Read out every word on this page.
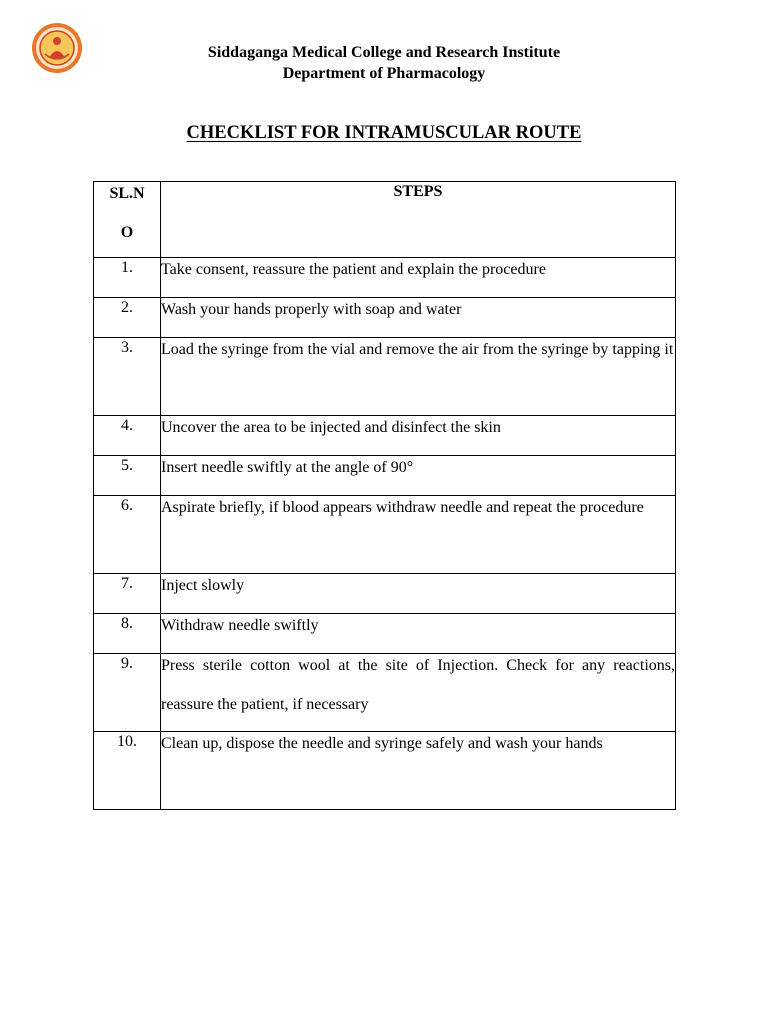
Siddaganga Medical College and Research Institute
Department of Pharmacology
CHECKLIST FOR INTRAMUSCULAR ROUTE
SL.N
O	STEPS
1.	Take consent, reassure the patient and explain the procedure

2.	Wash your hands properly with soap and water

3.	Load the syringe from the vial and remove the air from the syringe by tapping it

4.	Uncover the area to be injected and disinfect the skin

5.	Insert needle swiftly at the angle of 90°

6.	Aspirate briefly, if blood appears withdraw needle and repeat the procedure

7.	Inject slowly

8.	Withdraw needle swiftly

9.	Press sterile cotton wool at the site of Injection. Check for any reactions, reassure the patient, if necessary

10.	Clean up, dispose the needle and syringe safely and wash your hands
